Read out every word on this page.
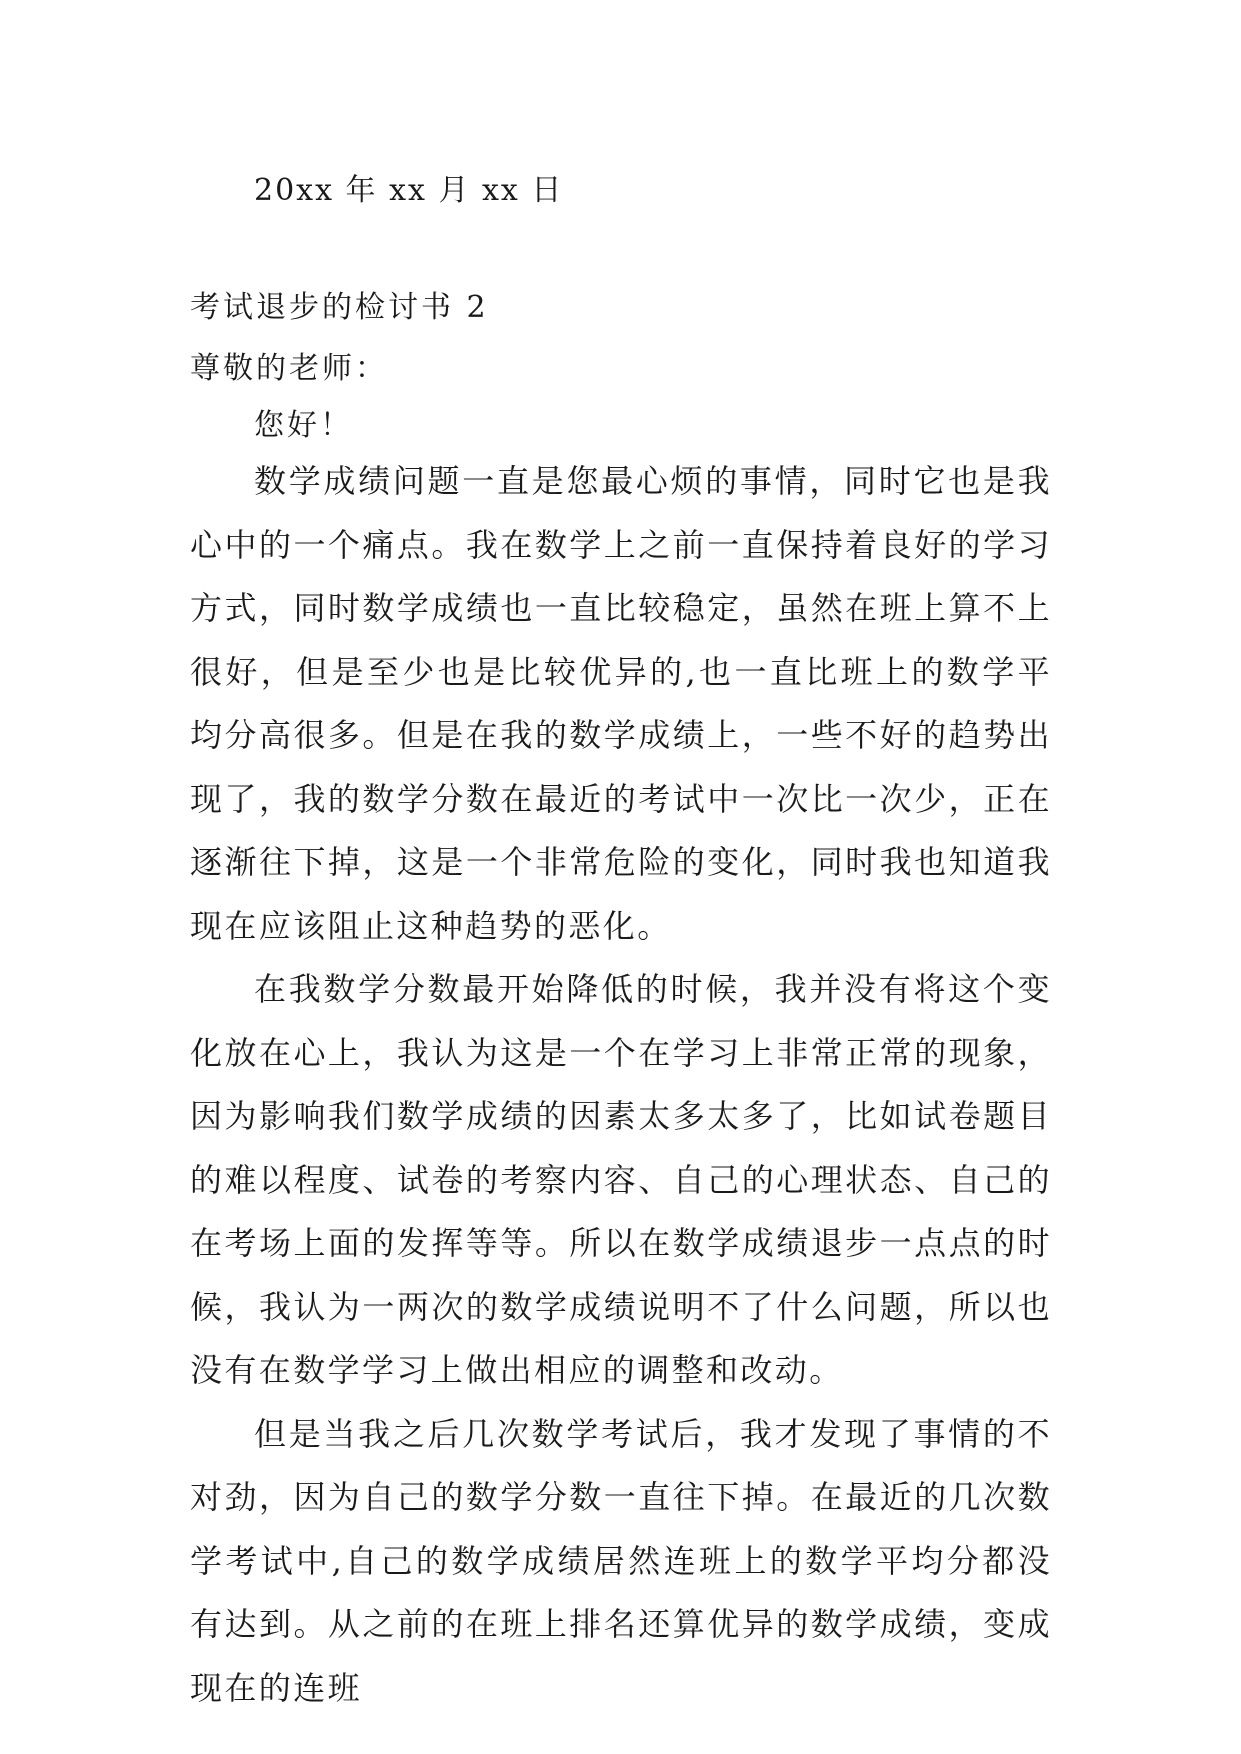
20xx 年 xx 月 xx 日
考试退步的检讨书 2
尊敬的老师：
您好！

数学成绩问题一直是您最心烦的事情，同时它也是我心中的一个痛点。我在数学上之前一直保持着良好的学习方式，同时数学成绩也一直比较稳定，虽然在班上算不上很好，但是至少也是比较优异的,也一直比班上的数学平均分高很多。但是在我的数学成绩上，一些不好的趋势出现了，我的数学分数在最近的考试中一次比一次少，正在逐渐往下掉，这是一个非常危险的变化，同时我也知道我现在应该阻止这种趋势的恶化。

在我数学分数最开始降低的时候，我并没有将这个变化放在心上，我认为这是一个在学习上非常正常的现象，因为影响我们数学成绩的因素太多太多了，比如试卷题目的难以程度、试卷的考察内容、自己的心理状态、自己的在考场上面的发挥等等。所以在数学成绩退步一点点的时候，我认为一两次的数学成绩说明不了什么问题，所以也没有在数学学习上做出相应的调整和改动。

但是当我之后几次数学考试后，我才发现了事情的不对劲，因为自己的数学分数一直往下掉。在最近的几次数学考试中,自己的数学成绩居然连班上的数学平均分都没有达到。从之前的在班上排名还算优异的数学成绩，变成现在的连班
